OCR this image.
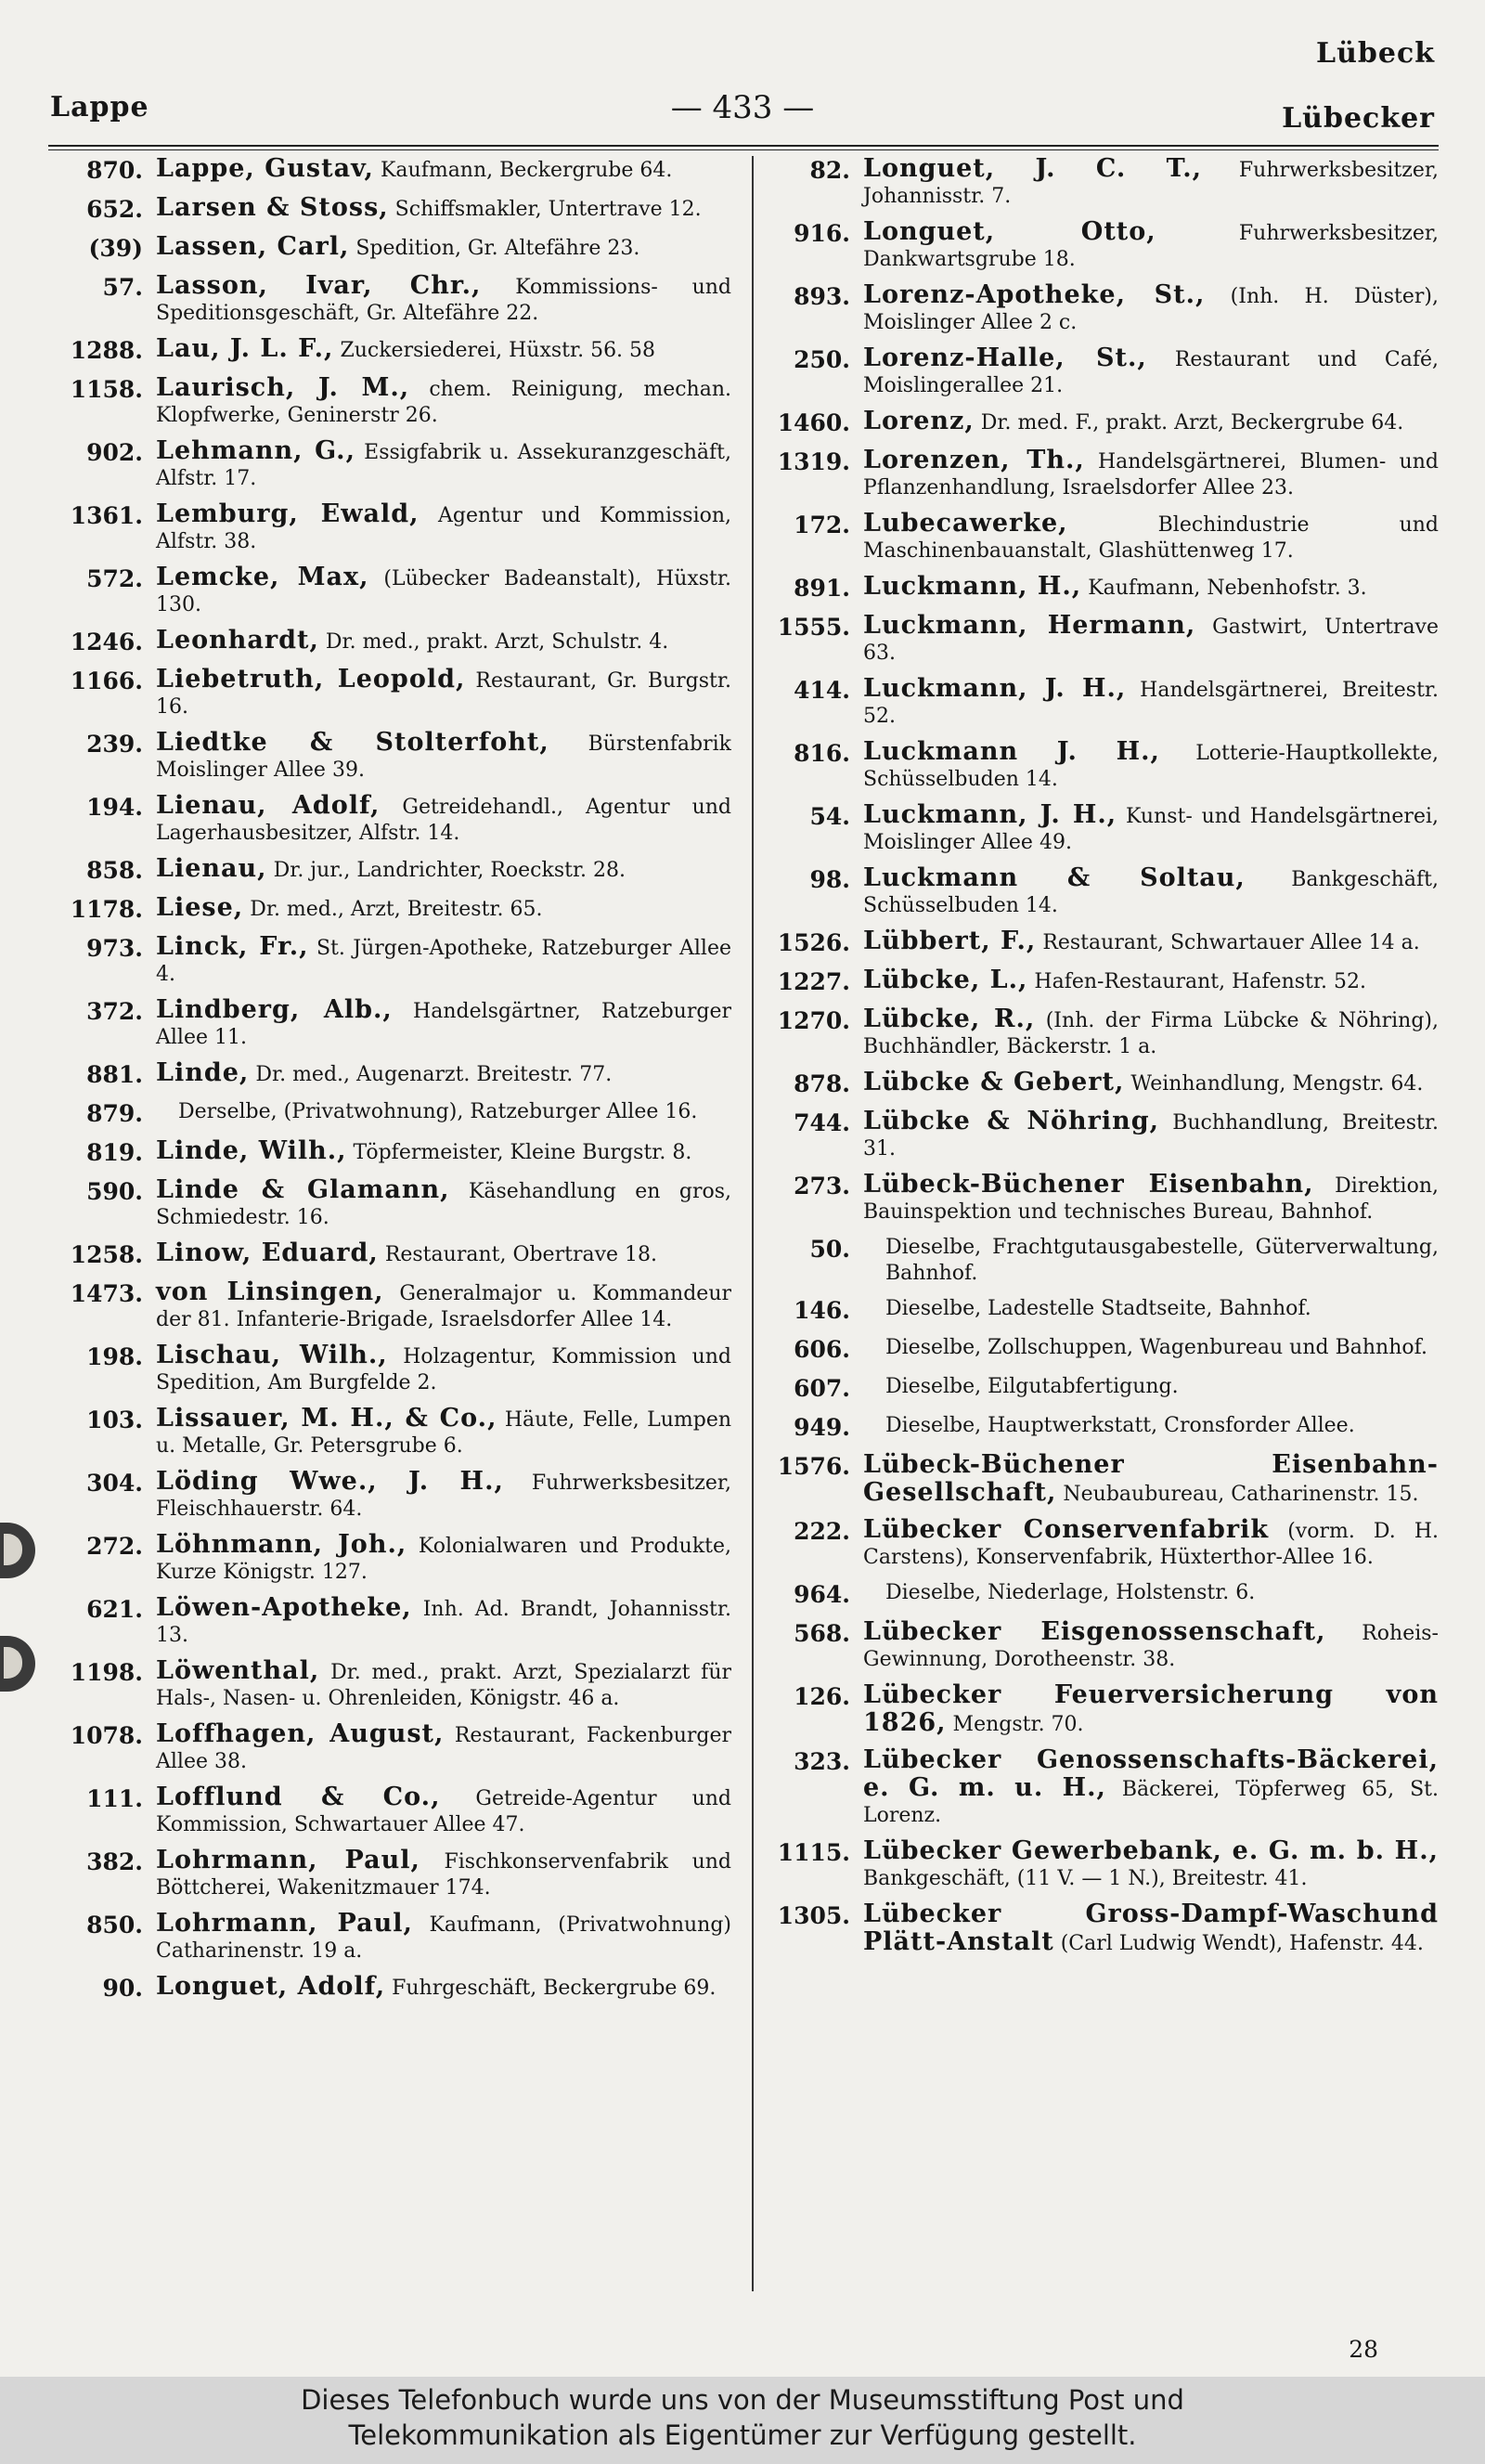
Lübeck
Lappe	— 433 —	Lübecker
870. Lappe, Gustav, Kaufmann, Beckergrube 64.
652. Larsen & Stoss, Schiffsmakler, Untertrave 12.
(39) Lassen, Carl, Spedition, Gr. Altefähre 23.
57. Lasson, Ivar, Chr., Kommissions- und Speditionsgeschäft, Gr. Altefähre 22.
1288. Lau, J. L. F., Zuckersiederei, Hüxstr. 56. 58
1158. Laurisch, J. M., chem. Reinigung, mechan. Klopfwerke, Geninerstr 26.
902. Lehmann, G., Essigfabrik u. Assekuranzgeschäft, Alfstr. 17.
1361. Lemburg, Ewald, Agentur und Kommission, Alfstr. 38.
572. Lemcke, Max, (Lübecker Badeanstalt), Hüxstr. 130.
1246. Leonhardt, Dr. med., prakt. Arzt, Schulstr. 4.
1166. Liebetruth, Leopold, Restaurant, Gr. Burgstr. 16.
239. Liedtke & Stolterfoht, Bürstenfabrik Moislinger Allee 39.
194. Lienau, Adolf, Getreidehandl., Agentur und Lagerhausbesitzer, Alfstr. 14.
858. Lienau, Dr. jur., Landrichter, Roeckstr. 28.
1178. Liese, Dr. med., Arzt, Breitestr. 65.
973. Linck, Fr., St. Jürgen-Apotheke, Ratzeburger Allee 4.
372. Lindberg, Alb., Handelsgärtner, Ratzeburger Allee 11.
881. Linde, Dr. med., Augenarzt. Breitestr. 77.
879.	Derselbe, (Privatwohnung), Ratzeburger Allee 16.
819. Linde, Wilh., Töpfermeister, Kleine Burgstr. 8.
590. Linde & Glamann, Käsehandlung en gros, Schmiedestr. 16.
1258. Linow, Eduard, Restaurant, Obertrave 18.
1473. von Linsingen, Generalmajor u. Kommandeur der 81. Infanterie-Brigade, Israelsdorfer Allee 14.
198. Lischau, Wilh., Holzagentur, Kommission und Spedition, Am Burgfelde 2.
103. Lissauer, M. H., & Co., Häute, Felle, Lumpen u. Metalle, Gr. Petersgrube 6.
304. Löding Wwe., J. H., Fuhrwerksbesitzer, Fleischhauerstr. 64.
272. Löhnmann, Joh., Kolonialwaren und Produkte, Kurze Königstr. 127.
621. Löwen-Apotheke, Inh. Ad. Brandt, Johannisstr. 13.
1198. Löwenthal, Dr. med., prakt. Arzt, Spezialarzt für Hals-, Nasen- u. Ohrenleiden, Königstr. 46 a.
1078. Loffhagen, August, Restaurant, Fackenburger Allee 38.
111. Lofflund & Co., Getreide-Agentur und Kommission, Schwartauer Allee 47.
382. Lohrmann, Paul, Fischkonservenfabrik und Böttcherei, Wakenitzmauer 174.
850. Lohrmann, Paul, Kaufmann, (Privatwohnung) Catharinenstr. 19 a.
90. Longuet, Adolf, Fuhrgeschäft, Beckergrube 69.
82. Longuet, J. C. T., Fuhrwerksbesitzer, Johannisstr. 7.
916. Longuet, Otto,	Fuhrwerksbesitzer, Dankwartsgrube 18.
893. Lorenz-Apotheke, St., (Inh. H. Düster), Moislinger Allee 2 c.
250. Lorenz-Halle, St., Restaurant und Café, Moislingerallee 21.
1460. Lorenz, Dr. med. F., prakt. Arzt, Beckergrube 64.
1319. Lorenzen, Th., Handelsgärtnerei, Blumen- und Pflanzenhandlung, Israelsdorfer Allee 23.
172. Lubecawerke,	Blechindustrie und Maschinenbauanstalt, Glashüttenweg 17.
891. Luckmann, H., Kaufmann, Nebenhofstr. 3.
1555. Luckmann, Hermann, Gastwirt, Untertrave 63.
414. Luckmann, J. H., Handelsgärtnerei, Breitestr. 52.
816. Luckmann J. H., Lotterie-Hauptkollekte, Schüsselbuden 14.
54. Luckmann, J. H., Kunst- und Handelsgärtnerei, Moislinger Allee 49.
98. Luckmann & Soltau, Bankgeschäft, Schüsselbuden 14.
1526. Lübbert, F., Restaurant, Schwartauer Allee 14 a.
1227. Lübcke, L., Hafen-Restaurant, Hafenstr. 52.
1270. Lübcke, R., (Inh. der Firma Lübcke & Nöhring), Buchhändler, Bäckerstr. 1 a.
878. Lübcke & Gebert, Weinhandlung, Mengstr. 64.
744. Lübcke & Nöhring, Buchhandlung, Breitestr. 31.
273. Lübeck-Büchener Eisenbahn, Direktion, Bauinspektion und technisches Bureau, Bahnhof.
50.	Dieselbe, Frachtgutausgabestelle, Güterverwaltung, Bahnhof.
146.	Dieselbe, Ladestelle Stadtseite, Bahnhof.
606.	Dieselbe, Zollschuppen, Wagenbureau und Bahnhof.
607.	Dieselbe, Eilgutabfertigung.
949.	Dieselbe, Hauptwerkstatt, Cronsforder Allee.
1576. Lübeck-Büchener Eisenbahn-Gesellschaft, Neubaubureau, Catharinenstr. 15.
222. Lübecker Conservenfabrik (vorm. D. H. Carstens), Konservenfabrik, Hüxterthor-Allee 16.
964.	Dieselbe, Niederlage, Holstenstr. 6.
568. Lübecker Eisgenossenschaft, Roheis-Gewinnung, Dorotheenstr. 38.
126. Lübecker Feuerversicherung von 1826, Mengstr. 70.
323. Lübecker Genossenschafts-Bäckerei, e. G. m. u. H., Bäckerei, Töpferweg 65, St. Lorenz.
1115. Lübecker Gewerbebank, e. G. m. b. H., Bankgeschäft, (11 V. — 1 N.), Breitestr. 41.
1305. Lübecker Gross-Dampf-Waschund Plätt-Anstalt (Carl Ludwig Wendt), Hafenstr. 44.
28
Dieses Telefonbuch wurde uns von der Museumsstiftung Post und
Telekommunikation als Eigentümer zur Verfügung gestellt.
